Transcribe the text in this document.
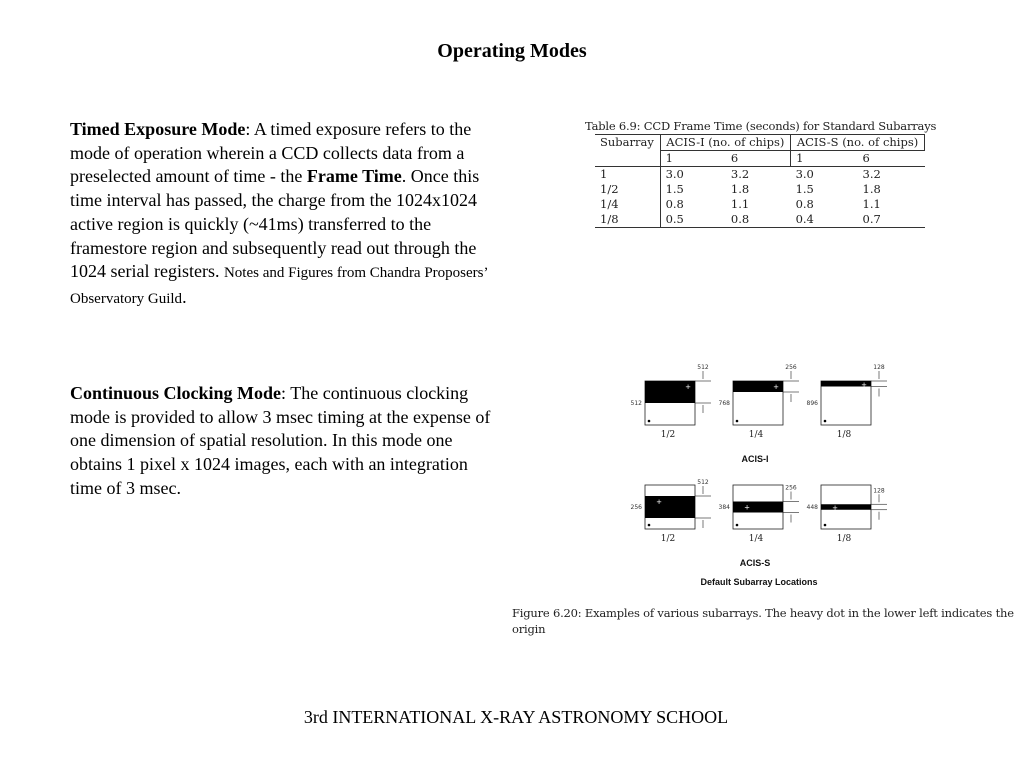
Operating Modes
Timed Exposure Mode: A timed exposure refers to the mode of operation wherein a CCD collects data from a preselected amount of time - the Frame Time. Once this time interval has passed, the charge from the 1024x1024 active region is quickly (~41ms) transferred to the framestore region and subsequently read out through the 1024 serial registers. Notes and Figures from Chandra Proposers’ Observatory Guild.
Continuous Clocking Mode: The continuous clocking mode is provided to allow 3 msec timing at the expense of one dimension of spatial resolution. In this mode one obtains 1 pixel x 1024 images, each with an integration time of 3 msec.
Table 6.9: CCD Frame Time (seconds) for Standard Subarrays
Subarray	ACIS-I (no. of chips)		ACIS-S (no. of chips)	
	1	6	1	6
1	3.0	3.2	3.0	3.2
1/2	1.5	1.8	1.5	1.8
1/4	0.8	1.1	0.8	1.1
1/8	0.5	0.8	0.4	0.7
+
512
512
1/2
+
256
768
1/4
+
128
896
1/8
+
512
256
1/2
+
256
384
1/4
+
128
448
1/8
ACIS-I
ACIS-S
Default Subarray Locations
Figure 6.20: Examples of various subarrays. The heavy dot in the lower left indicates the origin
3rd INTERNATIONAL X-RAY ASTRONOMY SCHOOL
